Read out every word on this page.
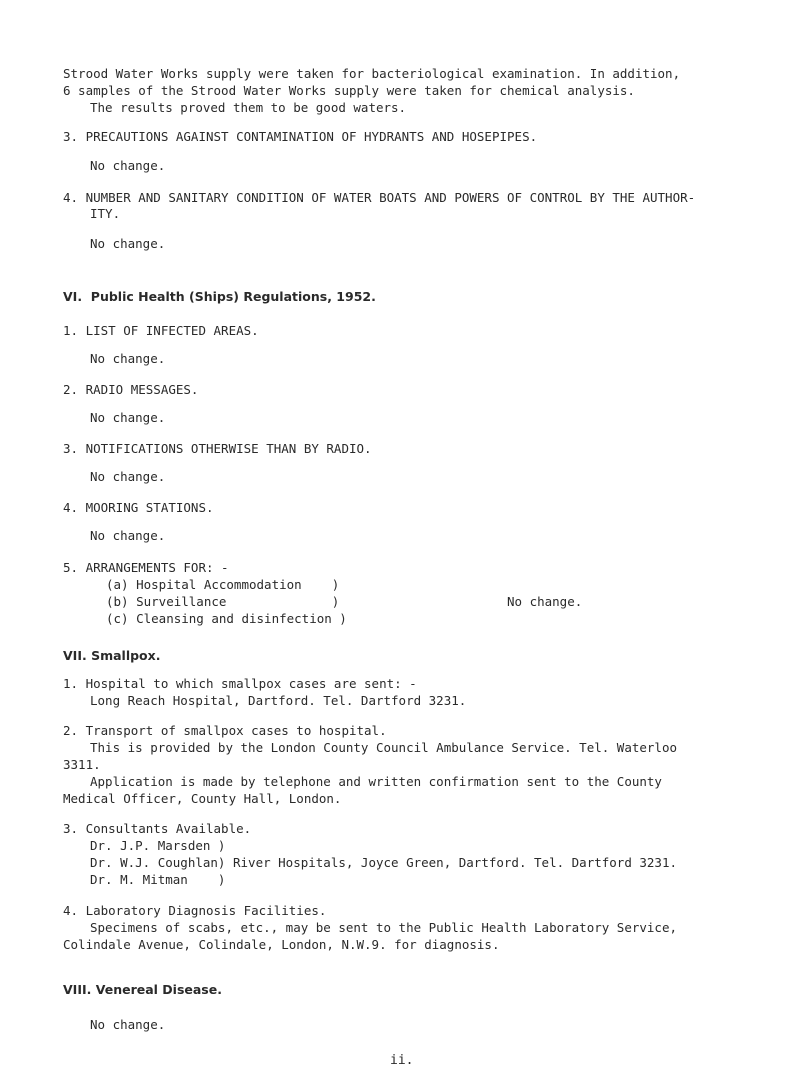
Strood Water Works supply were taken for bacteriological examination. In addition,
6 samples of the Strood Water Works supply were taken for chemical analysis.
The results proved them to be good waters.
3. PRECAUTIONS AGAINST CONTAMINATION OF HYDRANTS AND HOSEPIPES.
No change.
4. NUMBER AND SANITARY CONDITION OF WATER BOATS AND POWERS OF CONTROL BY THE AUTHOR-
ITY.
No change.
VI.  Public Health (Ships) Regulations, 1952.
1. LIST OF INFECTED AREAS.
No change.
2. RADIO MESSAGES.
No change.
3. NOTIFICATIONS OTHERWISE THAN BY RADIO.
No change.
4. MOORING STATIONS.
No change.
5. ARRANGEMENTS FOR: -
(a) Hospital Accommodation    )
(b) Surveillance              )
(c) Cleansing and disinfection )
No change.
VII. Smallpox.
1. Hospital to which smallpox cases are sent: -
Long Reach Hospital, Dartford. Tel. Dartford 3231.
2. Transport of smallpox cases to hospital.
This is provided by the London County Council Ambulance Service. Tel. Waterloo
3311.
Application is made by telephone and written confirmation sent to the County
Medical Officer, County Hall, London.
3. Consultants Available.
Dr. J.P. Marsden )
Dr. W.J. Coughlan) River Hospitals, Joyce Green, Dartford. Tel. Dartford 3231.
Dr. M. Mitman    )
4. Laboratory Diagnosis Facilities.
Specimens of scabs, etc., may be sent to the Public Health Laboratory Service,
Colindale Avenue, Colindale, London, N.W.9. for diagnosis.
VIII. Venereal Disease.
No change.
ii.
